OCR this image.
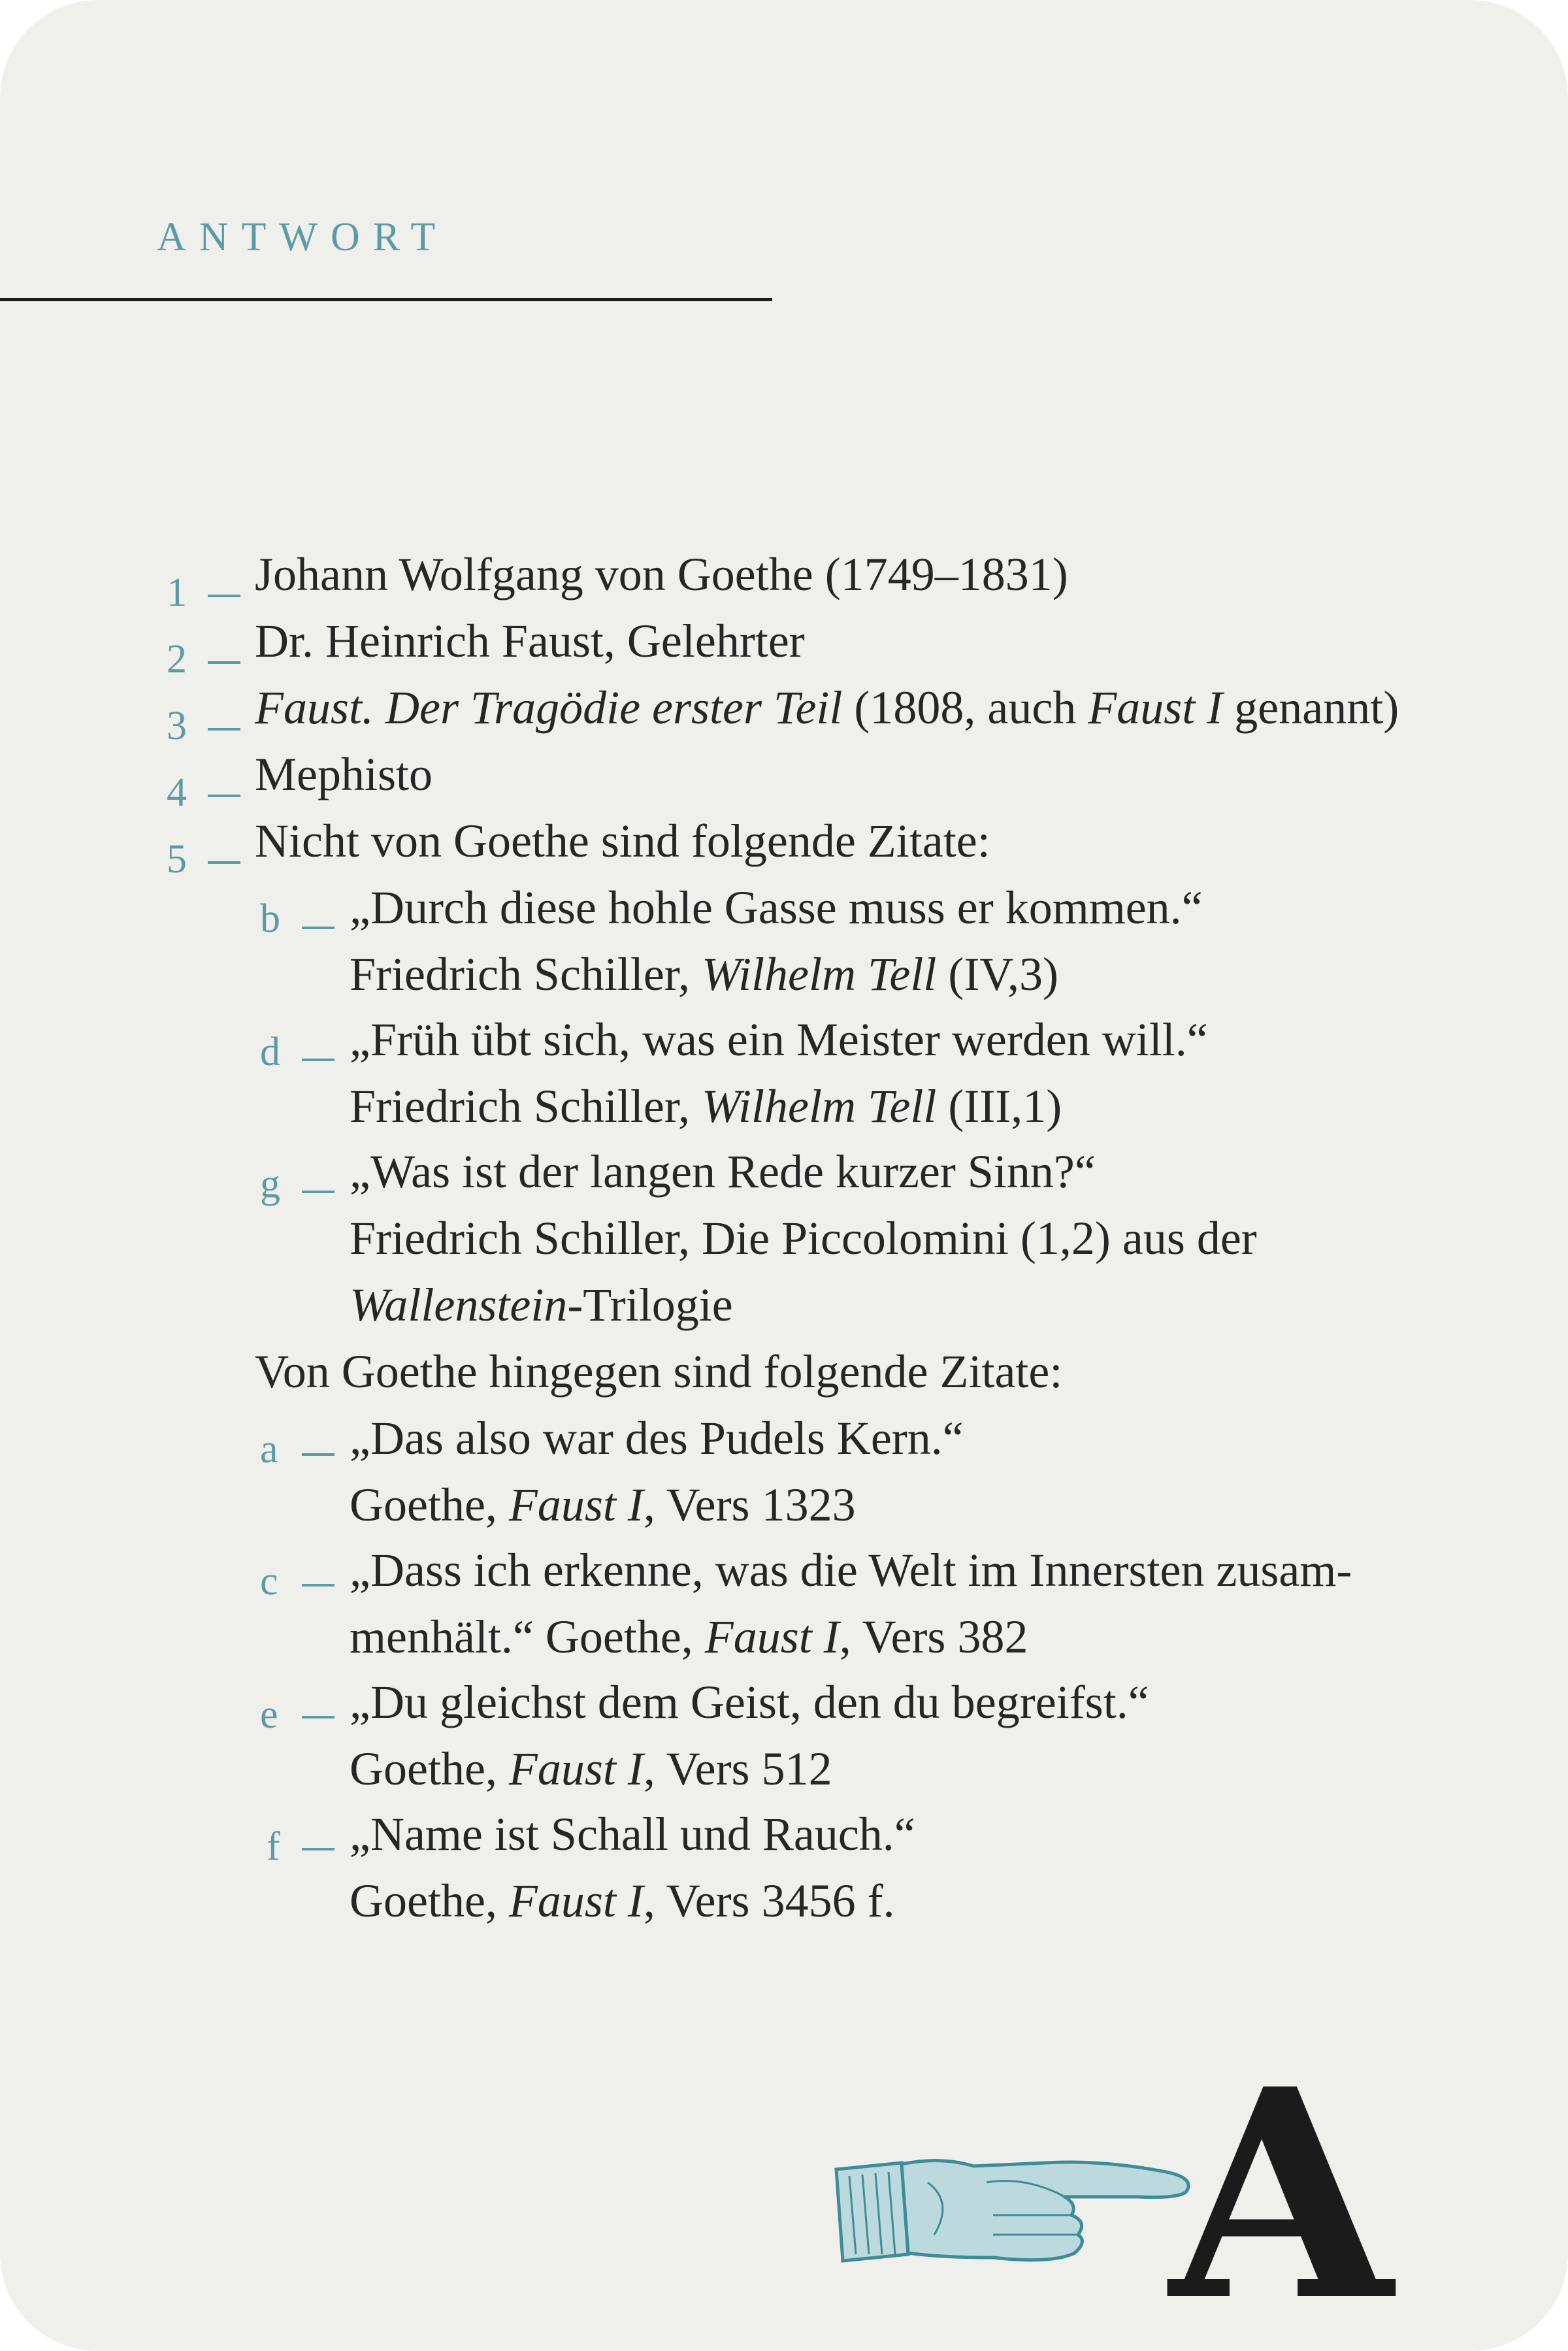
ANTWORT
1 Johann Wolfgang von Goethe (1749–1831)
2 Dr. Heinrich Faust, Gelehrter
3 Faust. Der Tragödie erster Teil (1808, auch Faust I genannt)
4 Mephisto
5 Nicht von Goethe sind folgende Zitate:
b „Durch diese hohle Gasse muss er kommen.“
Friedrich Schiller, Wilhelm Tell (IV,3)
d „Früh übt sich, was ein Meister werden will.“
Friedrich Schiller, Wilhelm Tell (III,1)
g „Was ist der langen Rede kurzer Sinn?“
Friedrich Schiller, Die Piccolomini (1,2) aus der
Wallenstein-Trilogie
Von Goethe hingegen sind folgende Zitate:
a „Das also war des Pudels Kern.“
Goethe, Faust I, Vers 1323
c „Dass ich erkenne, was die Welt im Innersten zusam-
menhält.“ Goethe, Faust I, Vers 382
e „Du gleichst dem Geist, den du begreifst.“
Goethe, Faust I, Vers 512
f „Name ist Schall und Rauch.“
Goethe, Faust I, Vers 3456 f.
A
